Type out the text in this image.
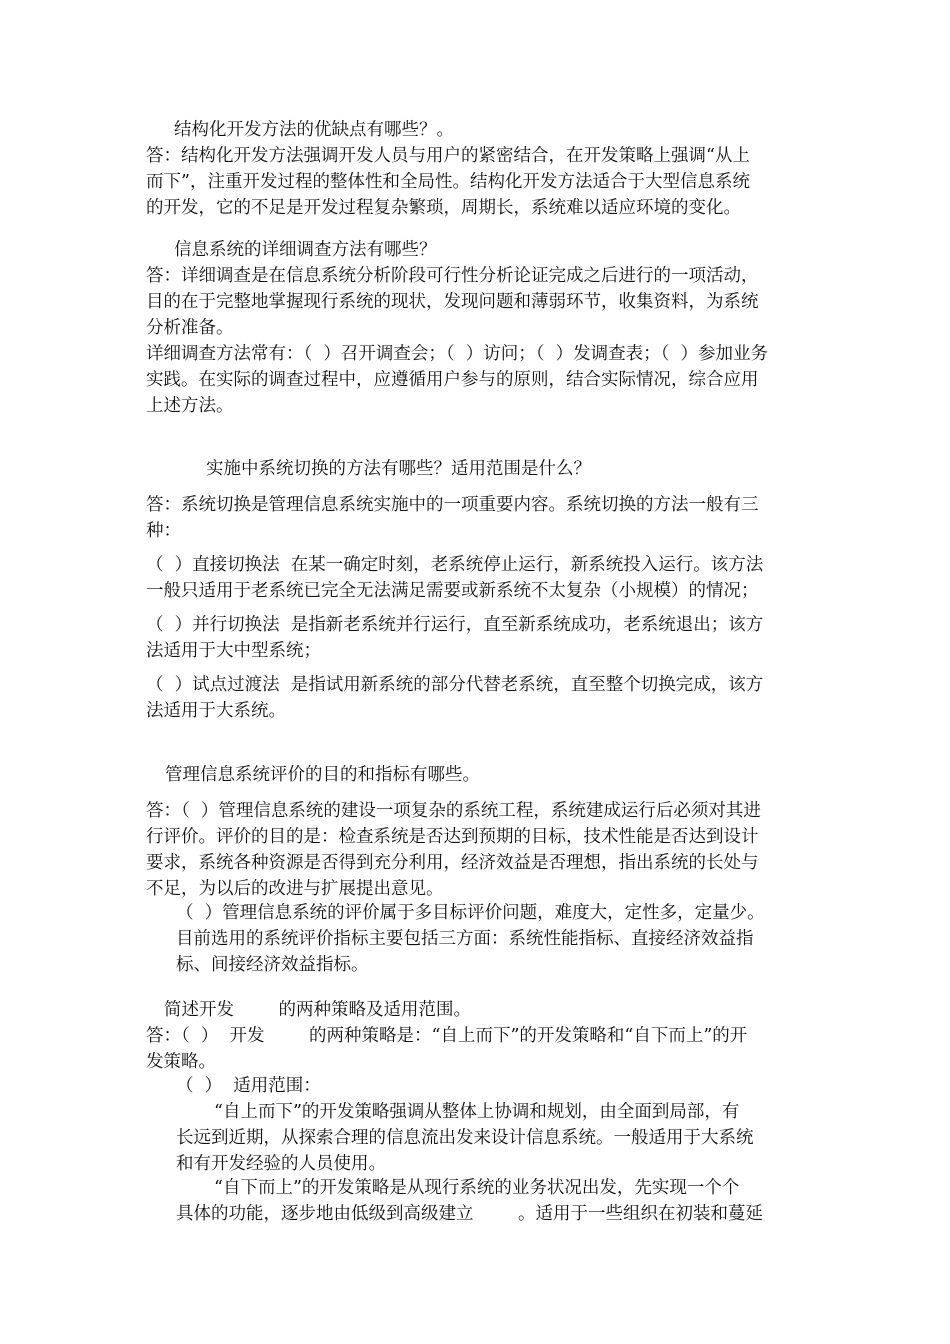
结构化开发方法的优缺点有哪些？。

答：结构化开发方法强调开发人员与用户的紧密结合，在开发策略上强调“从上

而下”，注重开发过程的整体性和全局性。结构化开发方法适合于大型信息系统

的开发，它的不足是开发过程复杂繁琐，周期长，系统难以适应环境的变化。

信息系统的详细调查方法有哪些？

答：详细调查是在信息系统分析阶段可行性分析论证完成之后进行的一项活动，

目的在于完整地掌握现行系统的现状，发现问题和薄弱环节，收集资料，为系统

分析准备。

详细调查方法常有：（  ）召开调查会；（  ）访问；（  ）发调查表；（  ）参加业务

实践。在实际的调查过程中，应遵循用户参与的原则，结合实际情况，综合应用

上述方法。

实施中系统切换的方法有哪些？适用范围是什么？

答：系统切换是管理信息系统实施中的一项重要内容。系统切换的方法一般有三

种：

（  ）直接切换法  在某一确定时刻，老系统停止运行，新系统投入运行。该方法

一般只适用于老系统已完全无法满足需要或新系统不太复杂（小规模）的情况；

（  ）并行切换法  是指新老系统并行运行，直至新系统成功，老系统退出；该方

法适用于大中型系统；

（  ）试点过渡法  是指试用新系统的部分代替老系统，直至整个切换完成，该方

法适用于大系统。

管理信息系统评价的目的和指标有哪些。

答：（  ）管理信息系统的建设一项复杂的系统工程，系统建成运行后必须对其进

行评价。评价的目的是：检查系统是否达到预期的目标，技术性能是否达到设计

要求，系统各种资源是否得到充分利用，经济效益是否理想，指出系统的长处与

不足，为以后的改进与扩展提出意见。

（  ）管理信息系统的评价属于多目标评价问题，难度大，定性多，定量少。

目前选用的系统评价指标主要包括三方面：系统性能指标、直接经济效益指

标、间接经济效益指标。

简述开发        的两种策略及适用范围。

答：（  ）  开发        的两种策略是：“自上而下”的开发策略和“自下而上”的开

发策略。

（  ）  适用范围：

“自上而下”的开发策略强调从整体上协调和规划，由全面到局部，有

长远到近期，从探索合理的信息流出发来设计信息系统。一般适用于大系统

和有开发经验的人员使用。

“自下而上”的开发策略是从现行系统的业务状况出发，先实现一个个

具体的功能，逐步地由低级到高级建立        。适用于一些组织在初装和蔓延
